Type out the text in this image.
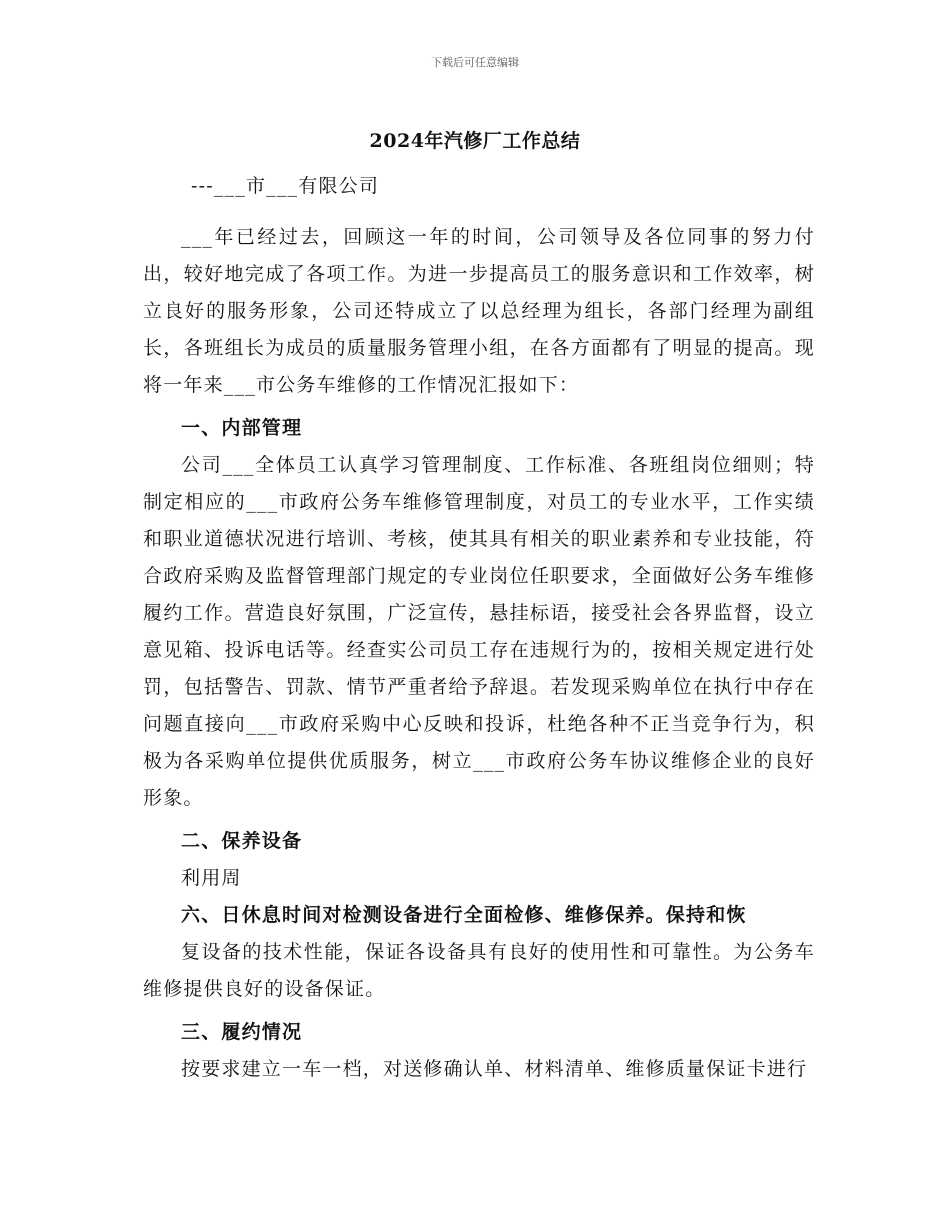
下载后可任意编辑
2024年汽修厂工作总结

---___市___有限公司

___年已经过去，回顾这一年的时间，公司领导及各位同事的努力付出，较好地完成了各项工作。为进一步提高员工的服务意识和工作效率，树立良好的服务形象，公司还特成立了以总经理为组长，各部门经理为副组长，各班组长为成员的质量服务管理小组，在各方面都有了明显的提高。现将一年来___市公务车维修的工作情况汇报如下：

一、内部管理

公司___全体员工认真学习管理制度、工作标准、各班组岗位细则；特制定相应的___市政府公务车维修管理制度，对员工的专业水平，工作实绩和职业道德状况进行培训、考核，使其具有相关的职业素养和专业技能，符合政府采购及监督管理部门规定的专业岗位任职要求，全面做好公务车维修履约工作。营造良好氛围，广泛宣传，悬挂标语，接受社会各界监督，设立意见箱、投诉电话等。经查实公司员工存在违规行为的，按相关规定进行处罚，包括警告、罚款、情节严重者给予辞退。若发现采购单位在执行中存在问题直接向___市政府采购中心反映和投诉，杜绝各种不正当竞争行为，积极为各采购单位提供优质服务，树立___市政府公务车协议维修企业的良好形象。

二、保养设备

利用周

六、日休息时间对检测设备进行全面检修、维修保养。保持和恢

复设备的技术性能，保证各设备具有良好的使用性和可靠性。为公务车维修提供良好的设备保证。

三、履约情况

按要求建立一车一档，对送修确认单、材料清单、维修质量保证卡进行
